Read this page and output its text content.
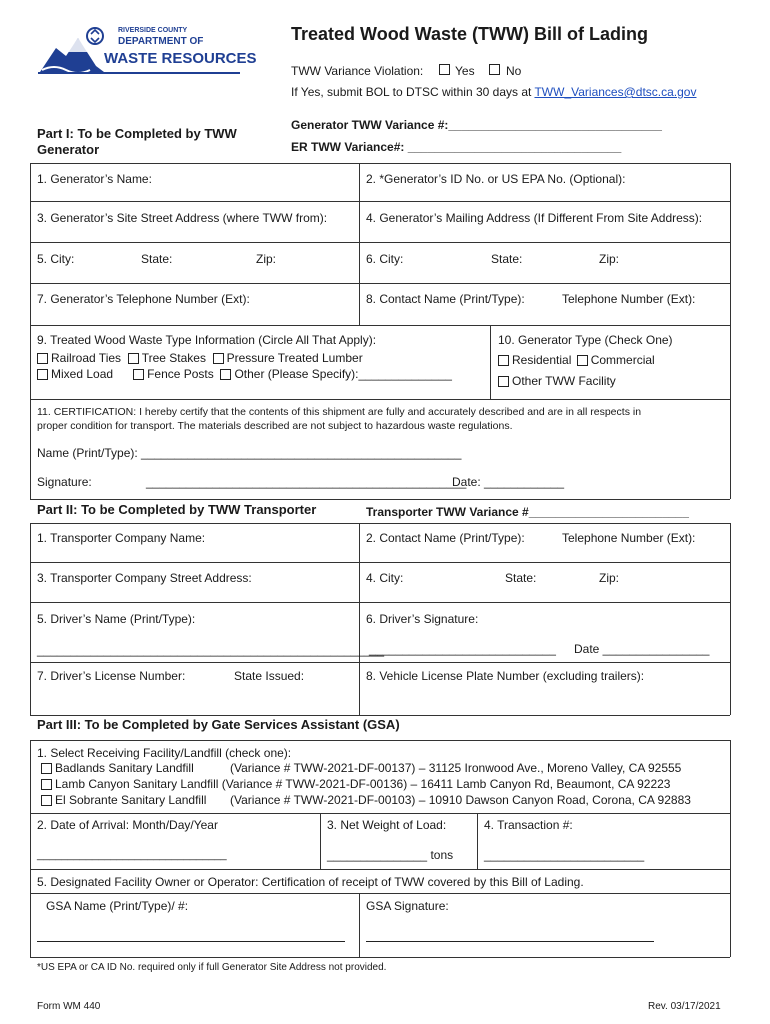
RIVERSIDE COUNTY
DEPARTMENT OF
WASTE RESOURCES
Treated Wood Waste (TWW) Bill of Lading
TWW Variance Violation:	Yes	No
If Yes, submit BOL to DTSC within 30 days at TWW_Variances@dtsc.ca.gov
Part I: To be Completed by TWW Generator
Generator TWW Variance #:________________________________
ER TWW Variance#: ________________________________
1. Generator’s Name:	2. *Generator’s ID No. or US EPA No. (Optional):
3. Generator’s Site Street Address (where TWW from):	4. Generator’s Mailing Address (If Different From Site Address):
5. City:	State:	Zip:	6. City:	State:	Zip:
7. Generator’s Telephone Number (Ext):	8. Contact Name (Print/Type):	Telephone Number (Ext):
9. Treated Wood Waste Type Information (Circle All That Apply):
Railroad Ties Tree Stakes Pressure Treated Lumber
Mixed Load	Fence Posts Other (Please Specify):______________
10. Generator Type (Check One)
Residential Commercial
Other TWW Facility
11. CERTIFICATION: I hereby certify that the contents of this shipment are fully and accurately described and are in all respects in
proper condition for transport. The materials described are not subject to hazardous waste regulations.
Name (Print/Type): ________________________________________________
Signature:	________________________________________________
Date: ____________
Part II: To be Completed by TWW Transporter	Transporter TWW Variance #________________________
1. Transporter Company Name:	2. Contact Name (Print/Type):	Telephone Number (Ext):
3. Transporter Company Street Address:	4. City:	State:	Zip:
5. Driver’s Name (Print/Type):
____________________________________________________
6. Driver’s Signature:
____________________________ Date ________________
7. Driver’s License Number:	State Issued:	8. Vehicle License Plate Number (excluding trailers):
Part III: To be Completed by Gate Services Assistant (GSA)
1. Select Receiving Facility/Landfill (check one):
Badlands Sanitary Landfill	(Variance # TWW-2021-DF-00137) – 31125 Ironwood Ave., Moreno Valley, CA 92555
Lamb Canyon Sanitary Landfill (Variance # TWW-2021-DF-00136) – 16411 Lamb Canyon Rd, Beaumont, CA 92223
El Sobrante Sanitary Landfill (Variance # TWW-2021-DF-00103) – 10910 Dawson Canyon Road, Corona, CA 92883
2. Date of Arrival: Month/Day/Year
_______________________________
3. Net Weight of Load:
_______________ tons
4. Transaction #:
________________________
5. Designated Facility Owner or Operator: Certification of receipt of TWW covered by this Bill of Lading.
GSA Name (Print/Type)/ #:	GSA Signature:
*US EPA or CA ID No. required only if full Generator Site Address not provided.
Form WM 440	Rev. 03/17/2021
